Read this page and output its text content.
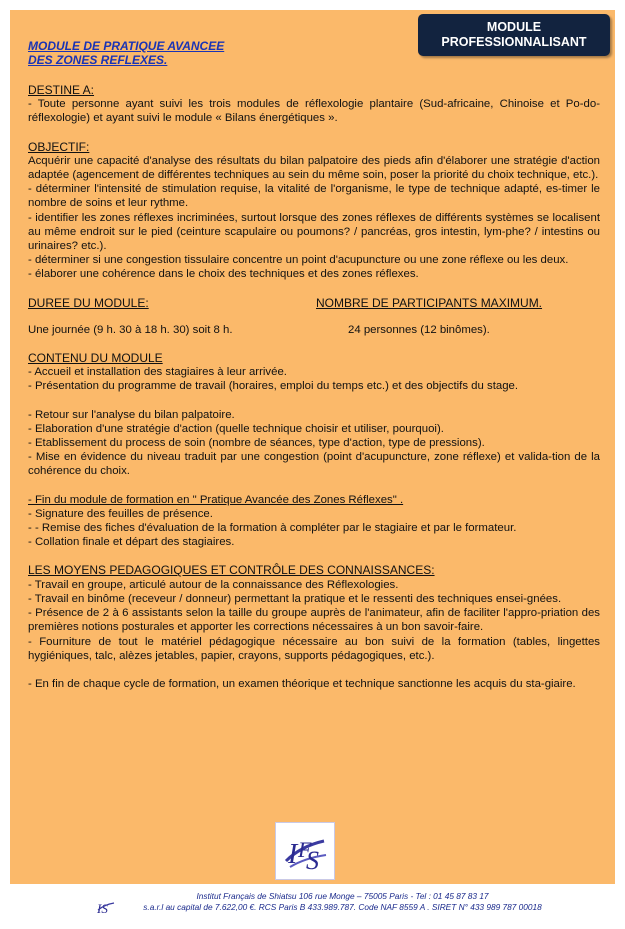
MODULE
PROFESSIONNALISANT
MODULE DE PRATIQUE AVANCEE
DES ZONES REFLEXES.

DESTINE A:

- Toute personne ayant suivi les trois modules de réflexologie plantaire (Sud-africaine, Chinoise et Po-do-réflexologie) et ayant suivi le module « Bilans énergétiques ».

OBJECTIF:

Acquérir une capacité d'analyse des résultats du bilan palpatoire des pieds afin d'élaborer une stratégie d'action adaptée (agencement de différentes techniques au sein du même soin, poser la priorité du choix technique, etc.).

- déterminer l'intensité de stimulation requise, la vitalité de l'organisme, le type de technique adapté, es-timer le nombre de soins et leur rythme.

- identifier les zones réflexes incriminées, surtout lorsque des zones réflexes de différents systèmes se localisent au même endroit sur le pied (ceinture scapulaire ou poumons? / pancréas, gros intestin, lym-phe? / intestins ou urinaires? etc.).

- déterminer si une congestion tissulaire concentre un point d'acupuncture ou une zone réflexe ou les deux.

- élaborer une cohérence dans le choix des techniques et des zones réflexes.

DUREE DU MODULE:	NOMBRE DE PARTICIPANTS MAXIMUM.
Une journée (9 h. 30 à 18 h. 30) soit 8 h.	24 personnes (12 binômes).

CONTENU DU MODULE

- Accueil et installation des stagiaires à leur arrivée.

- Présentation du programme de travail (horaires, emploi du temps etc.) et des objectifs du stage.

- Retour sur l'analyse du bilan palpatoire.

- Elaboration d'une stratégie d'action (quelle technique choisir et utiliser, pourquoi).

- Etablissement du process de soin (nombre de séances, type d'action, type de pressions).

- Mise en évidence du niveau traduit par une congestion (point d'acupuncture, zone réflexe) et valida-tion de la cohérence du choix.

- Fin du module de formation en " Pratique Avancée des Zones Réflexes" .

- Signature des feuilles de présence.

- - Remise des fiches d'évaluation de la formation à compléter par le stagiaire et par le formateur.

- Collation finale et départ des stagiaires.

LES MOYENS PEDAGOGIQUES ET CONTRÔLE DES CONNAISSANCES:

- Travail en groupe, articulé autour de la connaissance des Réflexologies.

- Travail en binôme (receveur / donneur) permettant la pratique et le ressenti des techniques ensei-gnées.

- Présence de 2 à 6 assistants selon la taille du groupe auprès de l'animateur, afin de faciliter l'appro-priation des premières notions posturales et apporter les corrections nécessaires à un bon savoir-faire.

- Fourniture de tout le matériel pédagogique nécessaire au bon suivi de la formation (tables, lingettes hygiéniques, talc, alèzes jetables, papier, crayons, supports pédagogiques, etc.).

- En fin de chaque cycle de formation, un examen théorique et technique sanctionne les acquis du sta-giaire.

I F
S
IS
Institut Français de Shiatsu 106 rue Monge – 75005 Paris - Tel : 01 45 87 83 17
s.a.r.l au capital de 7.622,00 €. RCS Paris B 433.989.787. Code NAF 8559 A . SIRET N° 433 989 787 00018
